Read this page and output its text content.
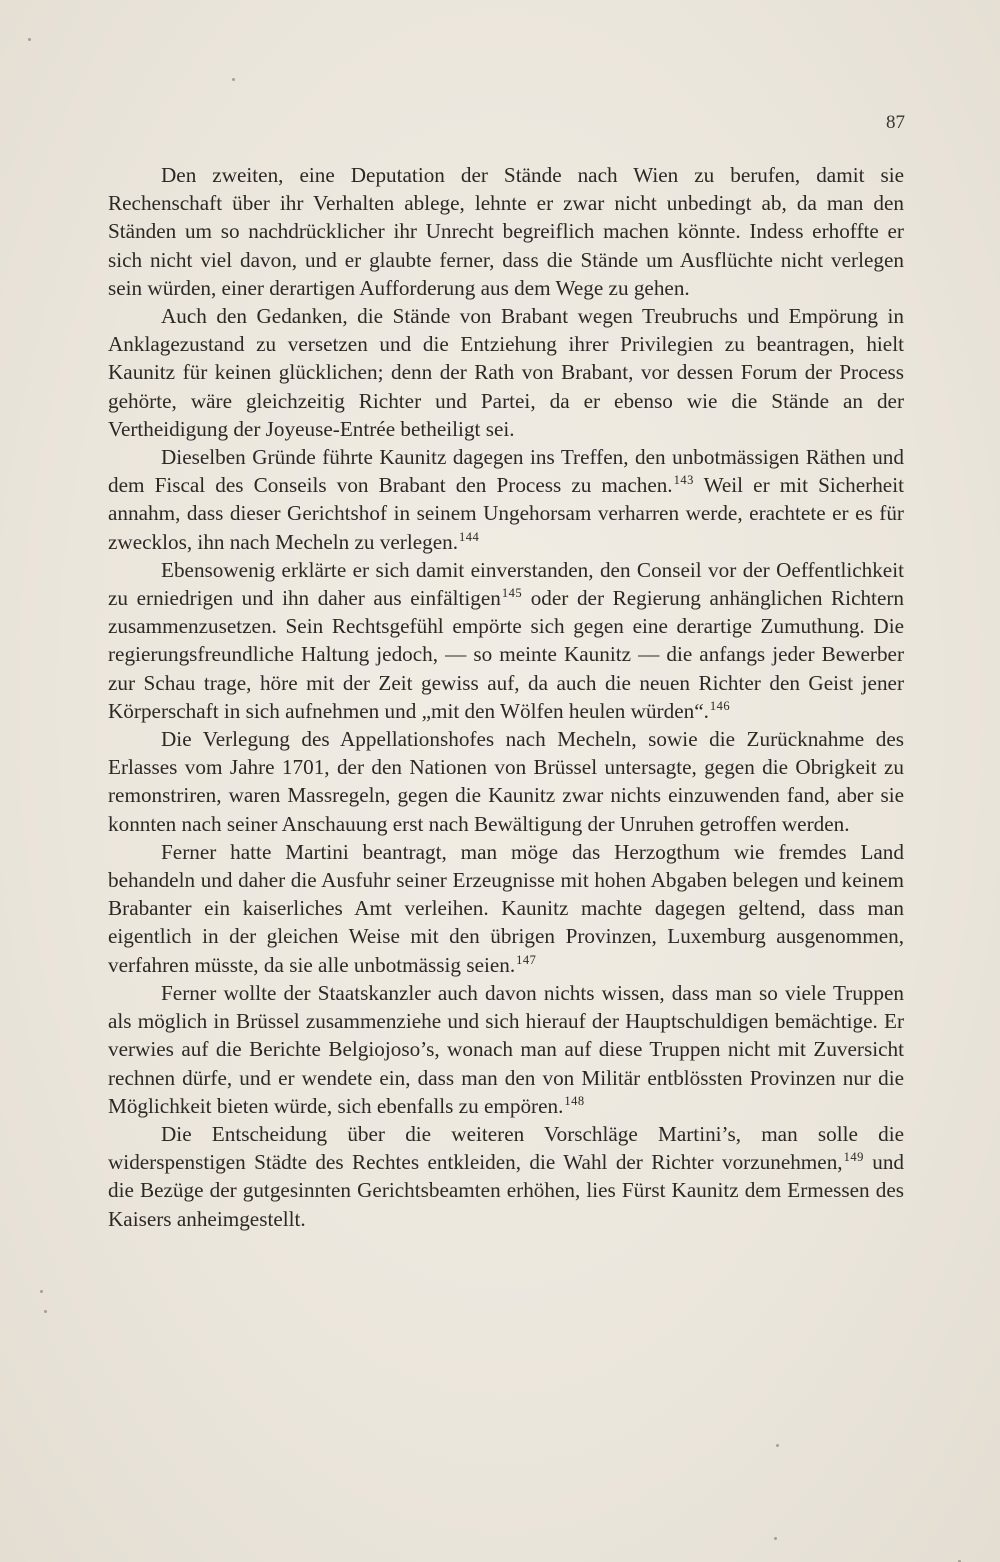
87

Den zweiten, eine Deputation der Stände nach Wien zu berufen, damit sie Rechenschaft über ihr Verhalten ablege, lehnte er zwar nicht unbedingt ab, da man den Ständen um so nachdrücklicher ihr Unrecht begreiflich machen könnte. Indess erhoffte er sich nicht viel davon, und er glaubte ferner, dass die Stände um Ausflüchte nicht verlegen sein würden, einer derartigen Aufforderung aus dem Wege zu gehen.

Auch den Gedanken, die Stände von Brabant wegen Treubruchs und Empörung in Anklagezustand zu versetzen und die Entziehung ihrer Privilegien zu beantragen, hielt Kaunitz für keinen glücklichen; denn der Rath von Brabant, vor dessen Forum der Process gehörte, wäre gleichzeitig Richter und Partei, da er ebenso wie die Stände an der Vertheidigung der Joyeuse-Entrée betheiligt sei.

Dieselben Gründe führte Kaunitz dagegen ins Treffen, den unbotmässigen Räthen und dem Fiscal des Conseils von Brabant den Process zu machen.$^{143}$ Weil er mit Sicherheit annahm, dass dieser Gerichtshof in seinem Ungehorsam verharren werde, erachtete er es für zwecklos, ihn nach Mecheln zu verlegen.$^{144}$

Ebensowenig erklärte er sich damit einverstanden, den Conseil vor der Oeffentlichkeit zu erniedrigen und ihn daher aus einfältigen$^{145}$ oder der Regierung anhänglichen Richtern zusammenzusetzen. Sein Rechtsgefühl empörte sich gegen eine derartige Zumuthung. Die regierungsfreundliche Haltung jedoch, — so meinte Kaunitz — die anfangs jeder Bewerber zur Schau trage, höre mit der Zeit gewiss auf, da auch die neuen Richter den Geist jener Körperschaft in sich aufnehmen und „mit den Wölfen heulen würden“.$^{146}$

Die Verlegung des Appellationshofes nach Mecheln, sowie die Zurücknahme des Erlasses vom Jahre 1701, der den Nationen von Brüssel untersagte, gegen die Obrigkeit zu remonstriren, waren Massregeln, gegen die Kaunitz zwar nichts einzuwenden fand, aber sie konnten nach seiner Anschauung erst nach Bewältigung der Unruhen getroffen werden.

Ferner hatte Martini beantragt, man möge das Herzogthum wie fremdes Land behandeln und daher die Ausfuhr seiner Erzeugnisse mit hohen Abgaben belegen und keinem Brabanter ein kaiserliches Amt verleihen. Kaunitz machte dagegen geltend, dass man eigentlich in der gleichen Weise mit den übrigen Provinzen, Luxemburg ausgenommen, verfahren müsste, da sie alle unbotmässig seien.$^{147}$

Ferner wollte der Staatskanzler auch davon nichts wissen, dass man so viele Truppen als möglich in Brüssel zusammenziehe und sich hierauf der Hauptschuldigen bemächtige. Er verwies auf die Berichte Belgiojoso’s, wonach man auf diese Truppen nicht mit Zuversicht rechnen dürfe, und er wendete ein, dass man den von Militär entblössten Provinzen nur die Möglichkeit bieten würde, sich ebenfalls zu empören.$^{148}$

Die Entscheidung über die weiteren Vorschläge Martini’s, man solle die widerspenstigen Städte des Rechtes entkleiden, die Wahl der Richter vorzunehmen,$^{149}$ und die Bezüge der gutgesinnten Gerichtsbeamten erhöhen, lies Fürst Kaunitz dem Ermessen des Kaisers anheimgestellt.
